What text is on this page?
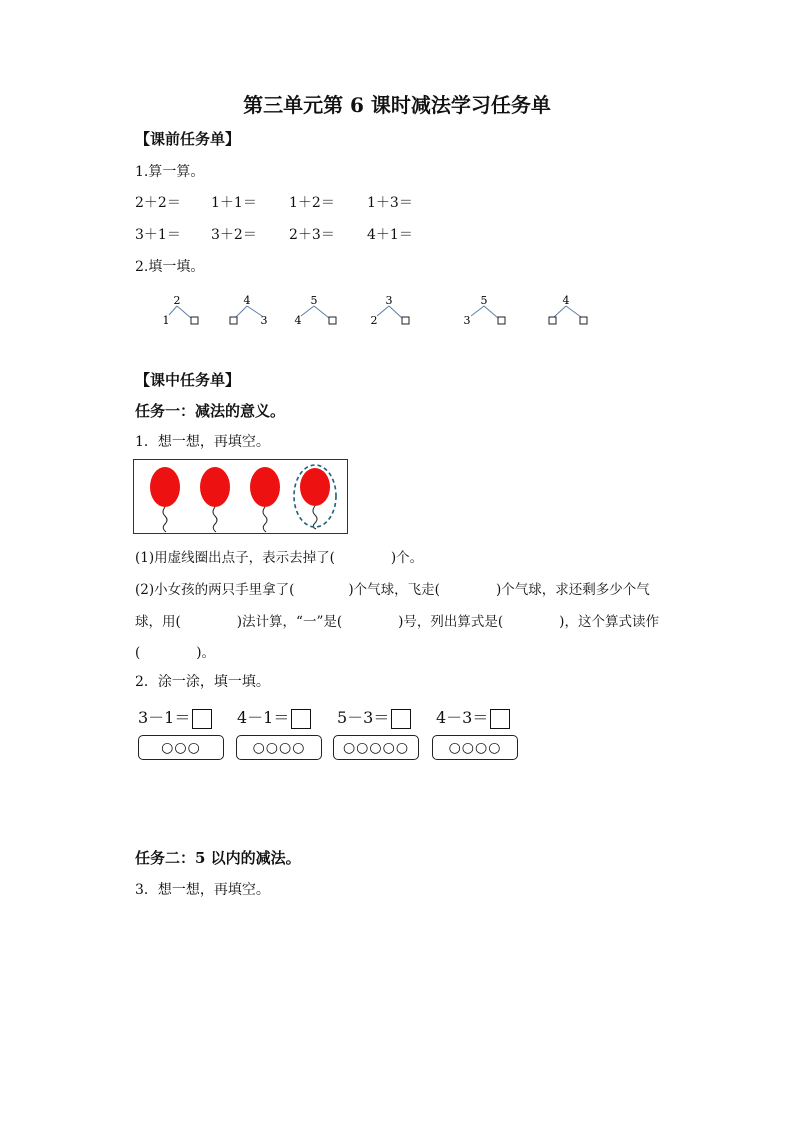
第三单元第 6 课时减法学习任务单
【课前任务单】
1.算一算。
2＋2＝ 1＋1＝ 1＋2＝ 1＋3＝
3＋1＝ 3＋2＝ 2＋3＝ 4＋1＝
2.填一填。
2
1
4
3
5
4
3
2
5
3
4
【课中任务单】
任务一：减法的意义。
1．想一想，再填空。
(1)用虚线圈出点子，表示去掉了(	)个。
(2)小女孩的两只手里拿了(	)个气球，飞走(	)个气球，求还剩多少个气
球，用(	)法计算，“一”是(	)号，列出算式是(	)，这个算式读作
(	)。
2．涂一涂，填一填。
3－1＝
○○○
4－1＝
○○○○
5－3＝
○○○○○
4－3＝
○○○○
任务二：5 以内的减法。
3．想一想，再填空。
